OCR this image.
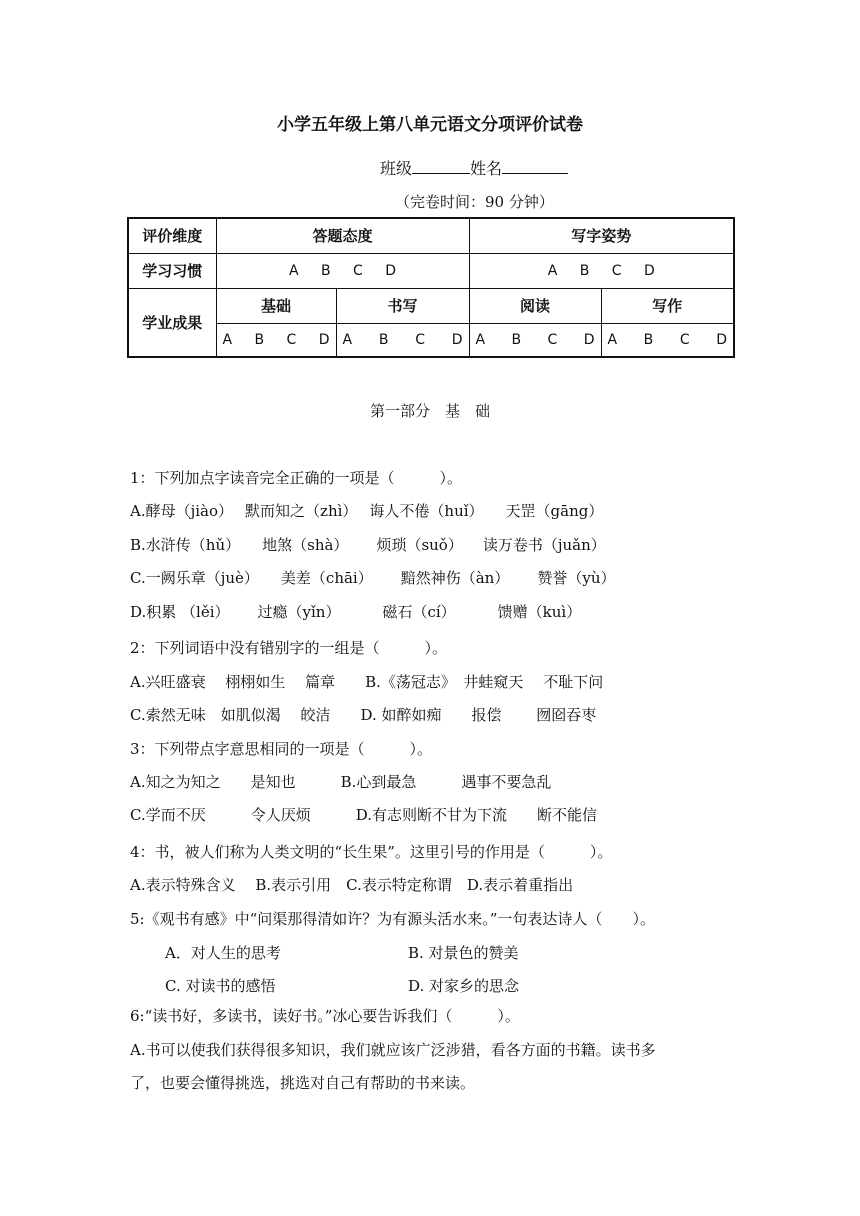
小学五年级上第八单元语文分项评价试卷
班级	姓名
（完卷时间：90 分钟）
评价维度	答题态度		写字姿势	
学习习惯	A B C D		A B C D	
学业成果	基础	书写	阅读	写作

	A B C D	A B C D	A B C D	A B C D
第一部分　基　础
1：下列加点字读音完全正确的一项是（　　　）。
A.酵母（jiào） 默而知之（zhì） 诲人不倦（huǐ） 天罡（gāng）
B.水浒传（hǔ） 地煞（shà） 烦琐（suǒ） 读万卷书（juǎn）
C.一阙乐章（juè） 美差（chāi） 黯然神伤（àn） 赞誉（yù）
D.积累 （lěi） 过瘾（yǐn）	磁石（cí）	馈赠（kuì）
2：下列词语中没有错别字的一组是（　　　）。
A.兴旺盛衰　 栩栩如生　 篇章　　B.《荡冠志》　井蛙窥天　 不耻下问
C.索然无味　如肌似渴　 皎洁　　D. 如醉如痴　　报偿　　 囫囵吞枣
3：下列带点字意思相同的一项是（　　　）。
A.知之为知之　　是知也　　　B.心到最急　　　遇事不要急乱
C.学而不厌　　　令人厌烦　　　D.有志则断不甘为下流　　断不能信
4：书，被人们称为人类文明的“长生果”。这里引号的作用是（　　　）。
A.表示特殊含义　 B.表示引用　C.表示特定称谓　D.表示着重指出
5:《观书有感》中“问渠那得清如许？为有源头活水来。”一句表达诗人（　　）。
A．对人生的思考	B. 对景色的赞美
C. 对读书的感悟	D. 对家乡的思念
6:“读书好，多读书，读好书。”冰心要告诉我们（　　　）。
A.书可以使我们获得很多知识，我们就应该广泛涉猎，看各方面的书籍。读书多
了，也要会懂得挑选，挑选对自己有帮助的书来读。
